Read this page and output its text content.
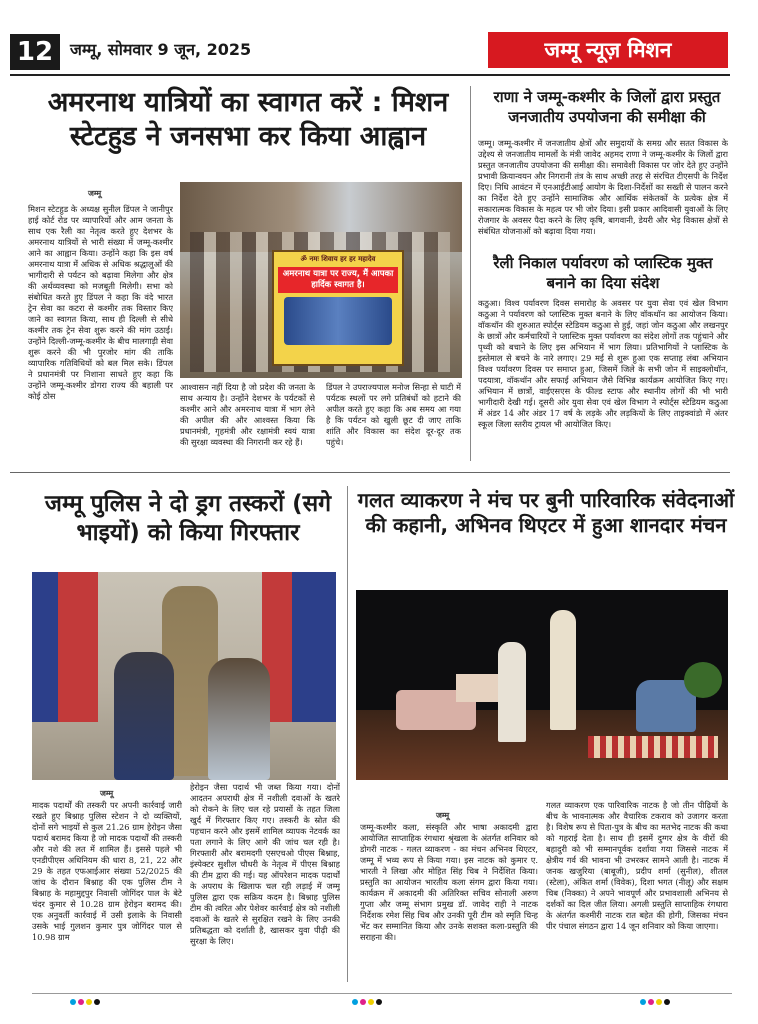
12	जम्मू, सोमवार 9 जून, 2025	जम्मू न्यूज़ मिशन
अमरनाथ यात्रियों का स्वागत करें : मिशन स्टेटहुड ने जनसभा कर किया आह्वान
जम्मू
मिशन स्टेटहुड के अध्यक्ष सुनील डिंपल ने जानीपुर हाई कोर्ट रोड पर व्यापारियों और आम जनता के साथ एक रैली का नेतृत्व करते हुए देशभर के अमरनाथ यात्रियों से भारी संख्या में जम्मू-कश्मीर आने का आह्वान किया। उन्होंने कहा कि इस वर्ष अमरनाथ यात्रा में अधिक से अधिक श्रद्धालुओं की भागीदारी से पर्यटन को बढ़ावा मिलेगा और क्षेत्र की अर्थव्यवस्था को मजबूती मिलेगी। सभा को संबोधित करते हुए डिंपल ने कहा कि वंदे भारत ट्रेन सेवा का कटरा से कश्मीर तक विस्तार किए जाने का स्वागत किया, साथ ही दिल्ली से सीधे कश्मीर तक ट्रेन सेवा शुरू करने की मांग उठाई। उन्होंने दिल्ली-जम्मू-कश्मीर के बीच मालगाड़ी सेवा शुरू करने की भी पुरजोर मांग की ताकि व्यापारिक गतिविधियों को बल मिल सके। डिंपल ने प्रधानमंत्री पर निशाना साधते हुए कहा कि उन्होंने जम्मू-कश्मीर डोगरा राज्य की बहाली पर कोई ठोस
ॐ नमः शिवाय हर हर महादेव
अमरनाथ यात्रा पर राज्य, मैं आपका हार्दिक स्वागत है।
आश्वासन नहीं दिया है जो प्रदेश की जनता के साथ अन्याय है। उन्होंने देशभर के पर्यटकों से कश्मीर आने और अमरनाथ यात्रा में भाग लेने की अपील की और आश्वस्त किया कि प्रधानमंत्री, गृहमंत्री और रक्षामंत्री स्वयं यात्रा की सुरक्षा व्यवस्था की निगरानी कर रहे हैं।
डिंपल ने उपराज्यपाल मनोज सिन्हा से घाटी में पर्यटक स्थलों पर लगे प्रतिबंधों को हटाने की अपील करते हुए कहा कि अब समय आ गया है कि पर्यटन को खुली छूट दी जाए ताकि शांति और विकास का संदेश दूर-दूर तक पहुंचे।
राणा ने जम्मू-कश्मीर के जिलों द्वारा प्रस्तुत जनजातीय उपयोजना की समीक्षा की
जम्मू। जम्मू-कश्मीर में जनजातीय क्षेत्रों और समुदायों के समग्र और सतत विकास के उद्देश्य से जनजातीय मामलों के मंत्री जावेद अहमद राणा ने जम्मू-कश्मीर के जिलों द्वारा प्रस्तुत जनजातीय उपयोजना की समीक्षा की। समावेशी विकास पर जोर देते हुए उन्होंने प्रभावी क्रियान्वयन और निगरानी तंत्र के साथ अच्छी तरह से संरचित टीएसपी के निर्देश दिए। निधि आवंटन में एनआईटीआई आयोग के दिशा-निर्देशों का सख्ती से पालन करने का निर्देश देते हुए उन्होंने सामाजिक और आर्थिक संकेतकों के प्रत्येक क्षेत्र में सकारात्मक विकास के महत्व पर भी जोर दिया। इसी प्रकार आदिवासी युवाओं के लिए रोजगार के अवसर पैदा करने के लिए कृषि, बागवानी, डेयरी और भेड़ विकास क्षेत्रों से संबंधित योजनाओं को बढ़ावा दिया गया।
रैली निकाल पर्यावरण को प्लास्टिक मुक्त बनाने का दिया संदेश
कठुआ। विश्व पर्यावरण दिवस समारोह के अवसर पर युवा सेवा एवं खेल विभाग कठुआ ने पर्यावरण को प्लास्टिक मुक्त बनाने के लिए वॉकथॉन का आयोजन किया। वॉकथॉन की शुरुआत स्पोर्ट्स स्टेडियम कठुआ से हुई, जहां जोन कठुआ और लखनपुर के छात्रों और कर्मचारियों ने प्लास्टिक मुक्त पर्यावरण का संदेश लोगों तक पहुंचाने और पृथ्वी को बचाने के लिए इस अभियान में भाग लिया। प्रतिभागियों ने प्लास्टिक के इस्तेमाल से बचने के नारे लगाए। 29 मई से शुरू हुआ एक सप्ताह लंबा अभियान विश्व पर्यावरण दिवस पर समाप्त हुआ, जिसमें जिले के सभी जोन में साइक्लोथॉन, पदयात्रा, वॉकथॉन और सफाई अभियान जैसे विभिन्न कार्यक्रम आयोजित किए गए। अभियान में छात्रों, वाईएसएस के फील्ड स्टाफ और स्थानीय लोगों की भी भारी भागीदारी देखी गई। दूसरी ओर युवा सेवा एवं खेल विभाग ने स्पोर्ट्स स्टेडियम कठुआ में अंडर 14 और अंडर 17 वर्ष के लड़के और लड़कियों के लिए ताइक्वांडो में अंतर स्कूल जिला स्तरीय ट्रायल भी आयोजित किए।
जम्मू पुलिस ने दो ड्रग तस्करों (सगे भाइयों) को किया गिरफ्तार
जम्मू
मादक पदार्थों की तस्करी पर अपनी कार्रवाई जारी रखते हुए बिश्नाह पुलिस स्टेशन ने दो व्यक्तियों, दोनों सगे भाइयों से कुल 21.26 ग्राम हेरोइन जैसा पदार्थ बरामद किया है जो मादक पदार्थों की तस्करी और नशे की लत में शामिल हैं। इससे पहले भी एनडीपीएस अधिनियम की धारा 8, 21, 22 और 29 के तहत एफआईआर संख्या 52/2025 की जांच के दौरान बिश्नाह की एक पुलिस टीम ने बिश्नाह के महामुद्दपुर निवासी जोगिंदर पाल के बेटे चंदर कुमार से 10.28 ग्राम हेरोइन बरामद की। एक अनुवर्ती कार्रवाई में उसी इलाके के निवासी उसके भाई गुलशन कुमार पुत्र जोगिंदर पाल से 10.98 ग्राम
हेरोइन जैसा पदार्थ भी जब्त किया गया। दोनों आदतन अपराधी क्षेत्र में नशीली दवाओं के खतरे को रोकने के लिए चल रहे प्रयासों के तहत जिला खुर्द में गिरफ्तार किए गए। तस्करी के स्रोत की पहचान करने और इसमें शामिल व्यापक नेटवर्क का पता लगाने के लिए आगे की जांच चल रही है। गिरफ्तारी और बरामदगी एसएचओ पीएस बिश्नाह, इंस्पेक्टर सुशील चौधरी के नेतृत्व में पीएस बिश्नाह की टीम द्वारा की गई। यह ऑपरेशन मादक पदार्थों के अपराध के खिलाफ चल रही लड़ाई में जम्मू पुलिस द्वारा एक सक्रिय कदम है। बिश्नाह पुलिस टीम की त्वरित और पेशेवर कार्रवाई क्षेत्र को नशीली दवाओं के खतरे से सुरक्षित रखने के लिए उनकी प्रतिबद्धता को दर्शाती है, खासकर युवा पीढ़ी की सुरक्षा के लिए।
गलत व्याकरण ने मंच पर बुनी पारिवारिक संवेदनाओं की कहानी, अभिनव थिएटर में हुआ शानदार मंचन
जम्मू
जम्मू-कश्मीर कला, संस्कृति और भाषा अकादमी द्वारा आयोजित साप्ताहिक रंगधारा श्रृंखला के अंतर्गत शनिवार को डोगरी नाटक - गलत व्याकरण - का मंचन अभिनव थिएटर, जम्मू में भव्य रूप से किया गया। इस नाटक को कुमार ए. भारती ने लिखा और मोहित सिंह चिब ने निर्देशित किया। प्रस्तुति का आयोजन भारतीय कला संगम द्वारा किया गया। कार्यक्रम में अकादमी की अतिरिक्त सचिव सोनाली अरुण गुप्ता और जम्मू संभाग प्रमुख डॉ. जावेद राही ने नाटक निर्देशक रमेश सिंह चिब और उनकी पूरी टीम को स्मृति चिन्ह भेंट कर सम्मानित किया और उनके सशक्त कला-प्रस्तुति की सराहना की।
गलत व्याकरण एक पारिवारिक नाटक है जो तीन पीढ़ियों के बीच के भावनात्मक और वैचारिक टकराव को उजागर करता है। विशेष रूप से पिता-पुत्र के बीच का मतभेद नाटक की कथा को गहराई देता है। साथ ही इसमें दुग्गर क्षेत्र के वीरों की बहादुरी को भी सम्मानपूर्वक दर्शाया गया जिससे नाटक में क्षेत्रीय गर्व की भावना भी उभरकर सामने आती है। नाटक में जनक खजुरिया (बाबूजी), प्रदीप शर्मा (सुनील), शीतल (स्टेला), अंकित शर्मा (विवेक), दिशा भगत (नीलू) और सक्षम चिब (निक्का) ने अपने भावपूर्ण और प्रभावशाली अभिनय से दर्शकों का दिल जीत लिया। अगली प्रस्तुति साप्ताहिक रंगधारा के अंतर्गत कश्मीरी नाटक रात बहेत की होगी, जिसका मंचन पीर पंचाल संगठन द्वारा 14 जून शनिवार को किया जाएगा।
